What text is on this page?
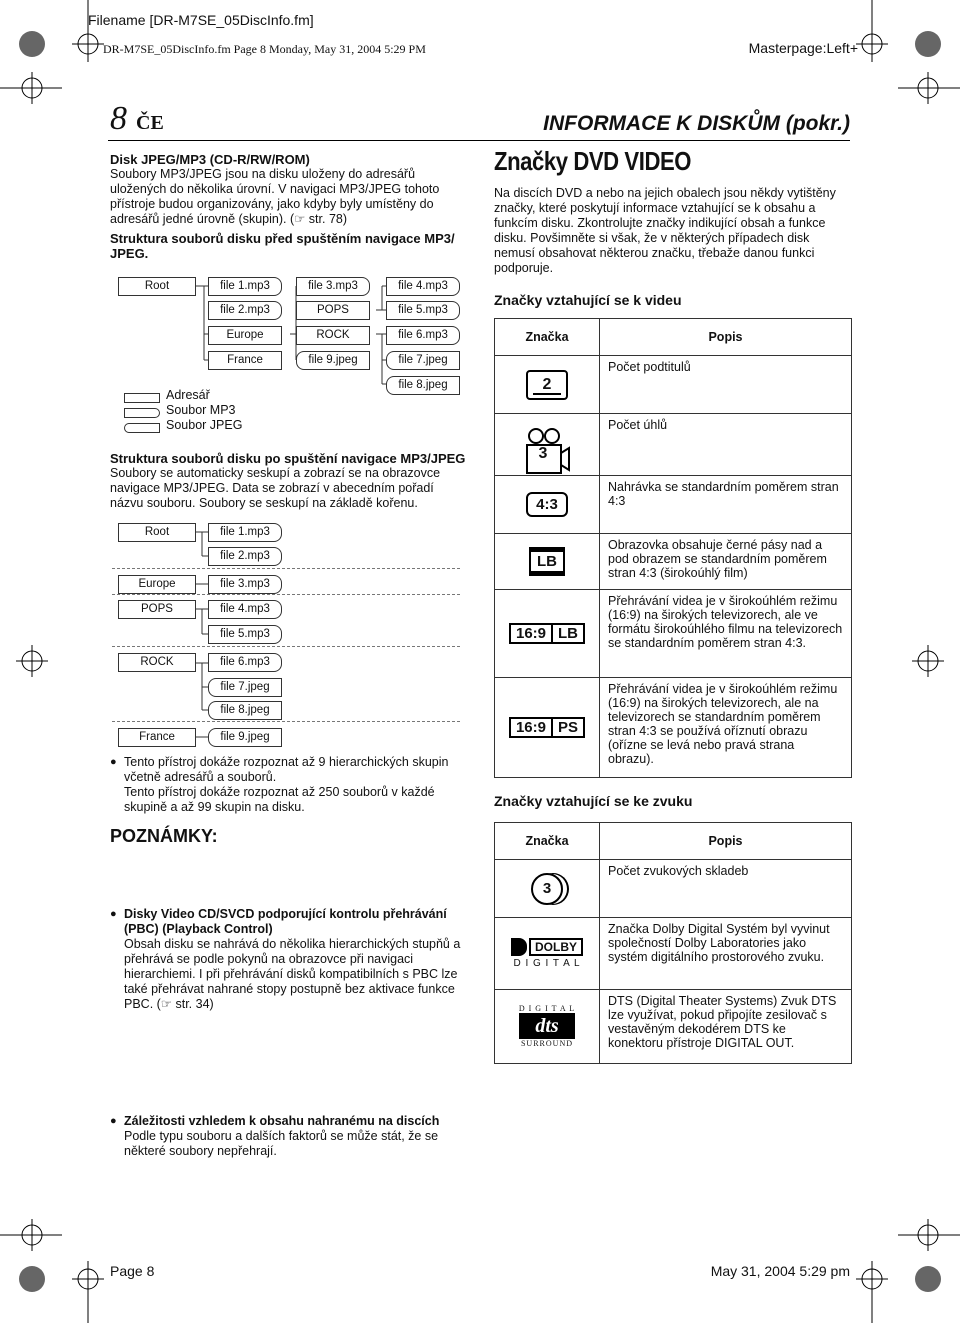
Filename [DR-M7SE_05DiscInfo.fm]
DR-M7SE_05DiscInfo.fm Page 8 Monday, May 31, 2004 5:29 PM	Masterpage:Left+
8 ČE	INFORMACE K DISKŮM (pokr.)
Disk JPEG/MP3 (CD-R/RW/ROM)
Soubory MP3/JPEG jsou na disku uloženy do adresářů uložených do několika úrovní. V navigaci MP3/JPEG tohoto přístroje budou organizovány, jako kdyby byly umístěny do adresářů jedné úrovně (skupin). (☞ str. 78)
Struktura souborů disku před spuštěním navigace MP3/ JPEG.
Root	file 1.mp3
file 2.mp3
Europe
France
file 3.mp3
POPS
ROCK
file 9.jpeg
file 4.mp3
file 5.mp3
file 6.mp3
file 7.jpeg
file 8.jpeg
Adresář
Soubor MP3
Soubor JPEG
Struktura souborů disku po spuštění navigace MP3/JPEG
Soubory se automaticky seskupí a zobrazí se na obrazovce navigace MP3/JPEG. Data se zobrazí v abecedním pořadí názvu souboru. Soubory se seskupí na základě kořenu.
Root
Europe
POPS
ROCK
France
file 1.mp3
file 2.mp3
file 3.mp3
file 4.mp3
file 5.mp3
file 6.mp3
file 7.jpeg
file 8.jpeg
file 9.jpeg
● Tento přístroj dokáže rozpoznat až 9 hierarchických skupin včetně adresářů a souborů.
Tento přístroj dokáže rozpoznat až 250 souborů v každé skupině a až 99 skupin na disku.
POZNÁMKY:
● Disky Video CD/SVCD podporující kontrolu přehrávání (PBC) (Playback Control)
Obsah disku se nahrává do několika hierarchických stupňů a přehrává se podle pokynů na obrazovce při navigaci hierarchiemi. I při přehrávání disků kompatibilních s PBC lze také přehrávat nahrané stopy postupně bez aktivace funkce PBC. (☞ str. 34)
● Záležitosti vzhledem k obsahu nahranému na discích
Podle typu souboru a dalších faktorů se může stát, že se některé soubory nepřehrají.
Značky DVD VIDEO
Na discích DVD a nebo na jejich obalech jsou někdy vytištěny značky, které poskytují informace vztahující se k obsahu a funkcím disku. Zkontrolujte značky indikující obsah a funkce disku. Povšimněte si však, že v některých případech disk nemusí obsahovat některou značku, třebaže danou funkci podporuje.
Značky vztahující se k videu
Značka	Popis
2	Počet podtitulů

3	Počet úhlů
4:3	Nahrávka se standardním poměrem stran 4:3
LB	Obrazovka obsahuje černé pásy nad a pod obrazem se standardním poměrem stran 4:3 (širokoúhlý film)
16:9 LB	Přehrávání videa je v širokoúhlém režimu (16:9) na širokých televizorech, ale ve formátu širokoúhlého filmu na televizorech se standardním poměrem stran 4:3.
16:9 PS	Přehrávání videa je v širokoúhlém režimu (16:9) na širokých televizorech, ale na televizorech se standardním poměrem stran 4:3 se používá oříznutí obrazu (ořízne se levá nebo pravá strana obrazu).
Značky vztahující se ke zvuku
Značka	Popis
3	Počet zvukových skladeb

DOLBY
D I G I T A L	Značka Dolby Digital Systém byl vyvinut společností Dolby Laboratories jako systém digitálního prostorového zvuku.

D I G I T A L
dts
SURROUND	DTS (Digital Theater Systems) Zvuk DTS lze využívat, pokud připojíte zesilovač s vestavěným dekodérem DTS ke konektoru přístroje DIGITAL OUT.
Page 8	May 31, 2004 5:29 pm
